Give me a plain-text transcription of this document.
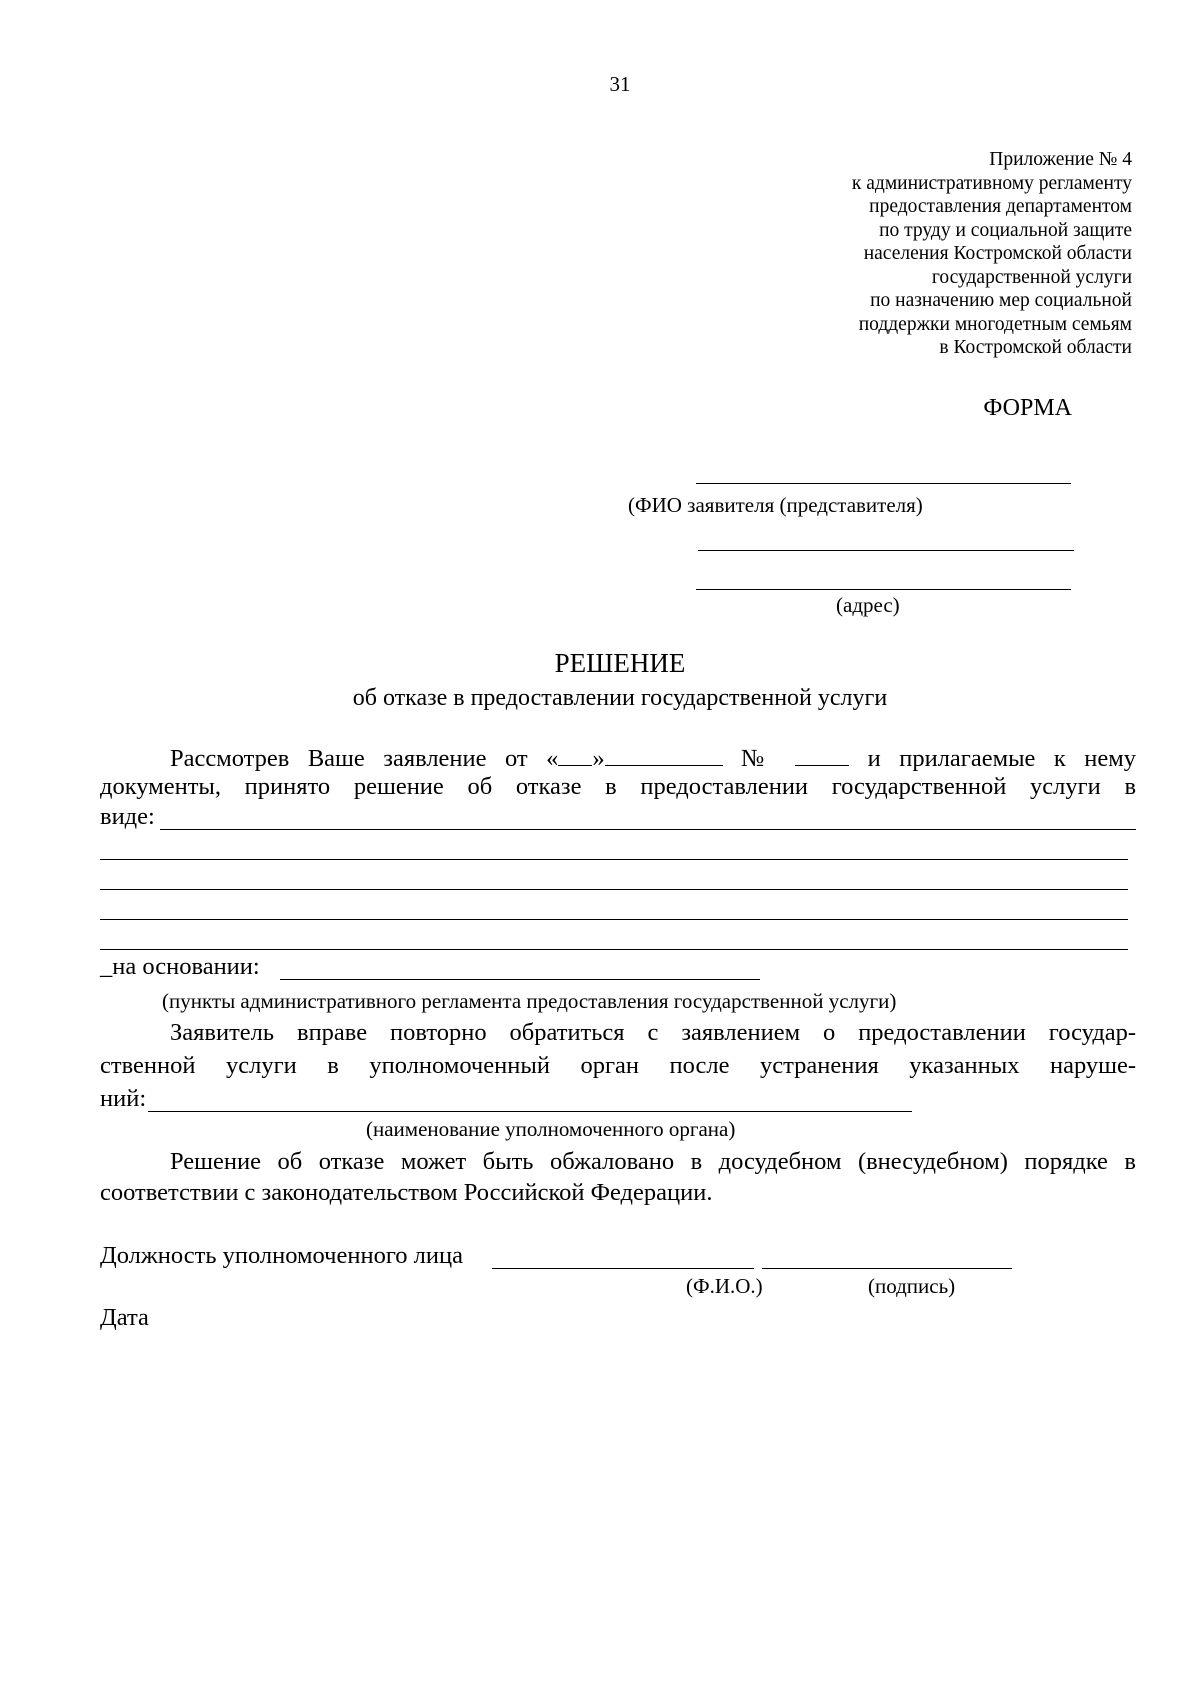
31
Приложение № 4
к административному регламенту
предоставления департаментом
по труду и социальной защите
населения Костромской области
государственной услуги
по назначению мер социальной
поддержки многодетным семьям
в Костромской области
ФОРМА
(ФИО заявителя (представителя)
(адрес)
РЕШЕНИЕ
об отказе в предоставлении государственной услуги
Рассмотрев Ваше заявление от « »	№	и прилагаемые к нему
документы, принято решение об отказе в предоставлении государственной услуги в
виде:
_на основании:
(пункты административного регламента предоставления государственной услуги)
Заявитель вправе повторно обратиться с заявлением о предоставлении государ-
ственной услуги в уполномоченный орган после устранения указанных наруше-
ний:
(наименование уполномоченного органа)
Решение об отказе может быть обжаловано в досудебном (внесудебном) порядке в
соответствии с законодательством Российской Федерации.
Должность уполномоченного лица
(Ф.И.О.)	(подпись)
Дата
